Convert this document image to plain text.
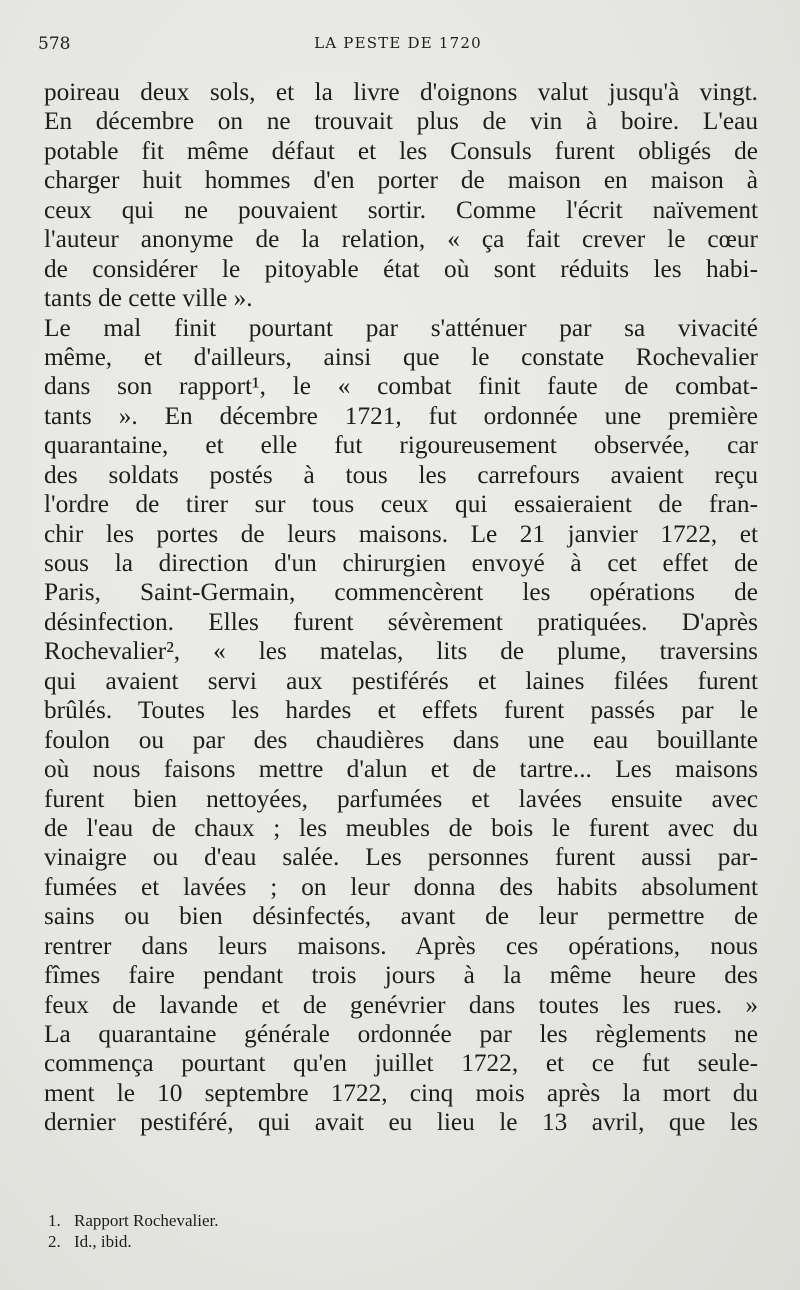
578	LA PESTE DE 1720
poireau deux sols, et la livre d'oignons valut jusqu'à vingt.
En décembre on ne trouvait plus de vin à boire. L'eau
potable fit même défaut et les Consuls furent obligés de
charger huit hommes d'en porter de maison en maison à
ceux qui ne pouvaient sortir. Comme l'écrit naïvement
l'auteur anonyme de la relation, « ça fait crever le cœur
de considérer le pitoyable état où sont réduits les habi-
tants de cette ville ».
Le mal finit pourtant par s'atténuer par sa vivacité
même, et d'ailleurs, ainsi que le constate Rochevalier
dans son rapport¹, le « combat finit faute de combat-
tants ». En décembre 1721, fut ordonnée une première
quarantaine, et elle fut rigoureusement observée, car
des soldats postés à tous les carrefours avaient reçu
l'ordre de tirer sur tous ceux qui essaieraient de fran-
chir les portes de leurs maisons. Le 21 janvier 1722, et
sous la direction d'un chirurgien envoyé à cet effet de
Paris, Saint-Germain, commencèrent les opérations de
désinfection. Elles furent sévèrement pratiquées. D'après
Rochevalier², « les matelas, lits de plume, traversins
qui avaient servi aux pestiférés et laines filées furent
brûlés. Toutes les hardes et effets furent passés par le
foulon ou par des chaudières dans une eau bouillante
où nous faisons mettre d'alun et de tartre... Les maisons
furent bien nettoyées, parfumées et lavées ensuite avec
de l'eau de chaux ; les meubles de bois le furent avec du
vinaigre ou d'eau salée. Les personnes furent aussi par-
fumées et lavées ; on leur donna des habits absolument
sains ou bien désinfectés, avant de leur permettre de
rentrer dans leurs maisons. Après ces opérations, nous
fîmes faire pendant trois jours à la même heure des
feux de lavande et de genévrier dans toutes les rues. »
La quarantaine générale ordonnée par les règlements ne
commença pourtant qu'en juillet 1722, et ce fut seule-
ment le 10 septembre 1722, cinq mois après la mort du
dernier pestiféré, qui avait eu lieu le 13 avril, que les
1. Rapport Rochevalier.
2. Id., ibid.
